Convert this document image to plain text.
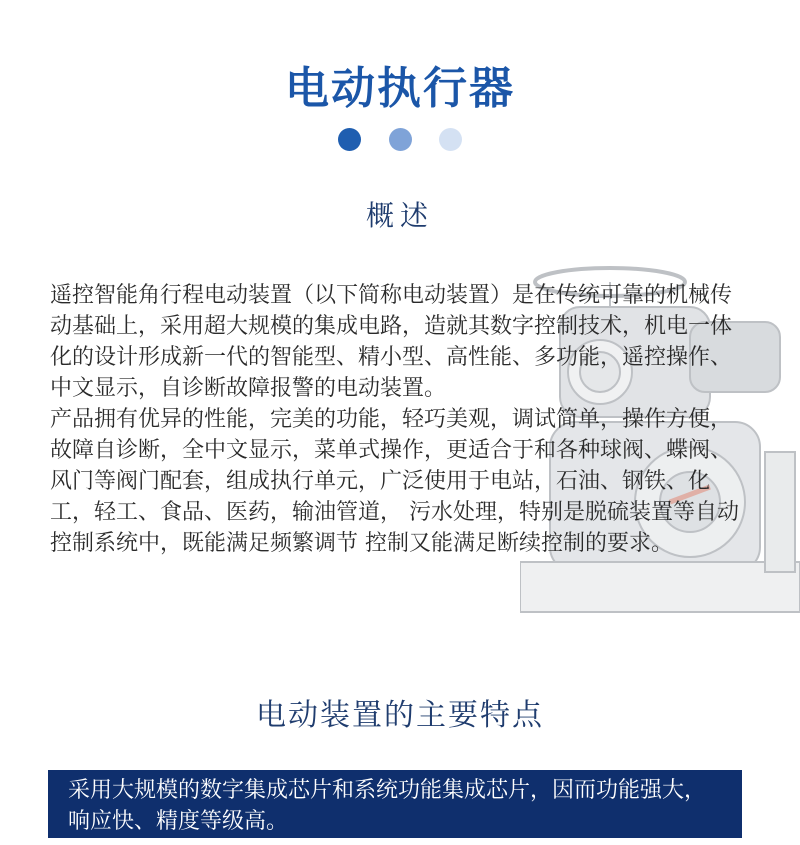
电动执行器

概述

遥控智能角行程电动装置（以下简称电动装置）是在传统可靠的机械传动基础上，采用超大规模的集成电路，造就其数字控制技术，机电一体化的设计形成新一代的智能型、精小型、高性能、多功能，遥控操作、中文显示，自诊断故障报警的电动装置。

产品拥有优异的性能，完美的功能，轻巧美观，调试简单，操作方便，故障自诊断，全中文显示，菜单式操作，更适合于和各种球阀、蝶阀、风门等阀门配套，组成执行单元，广泛使用于电站，石油、钢铁、化工，轻工、食品、医药，输油管道， 污水处理，特别是脱硫装置等自动控制系统中，既能满足频繁调节 控制又能满足断续控制的要求。

电动装置的主要特点
采用大规模的数字集成芯片和系统功能集成芯片，因而功能强大，响应快、精度等级高。
